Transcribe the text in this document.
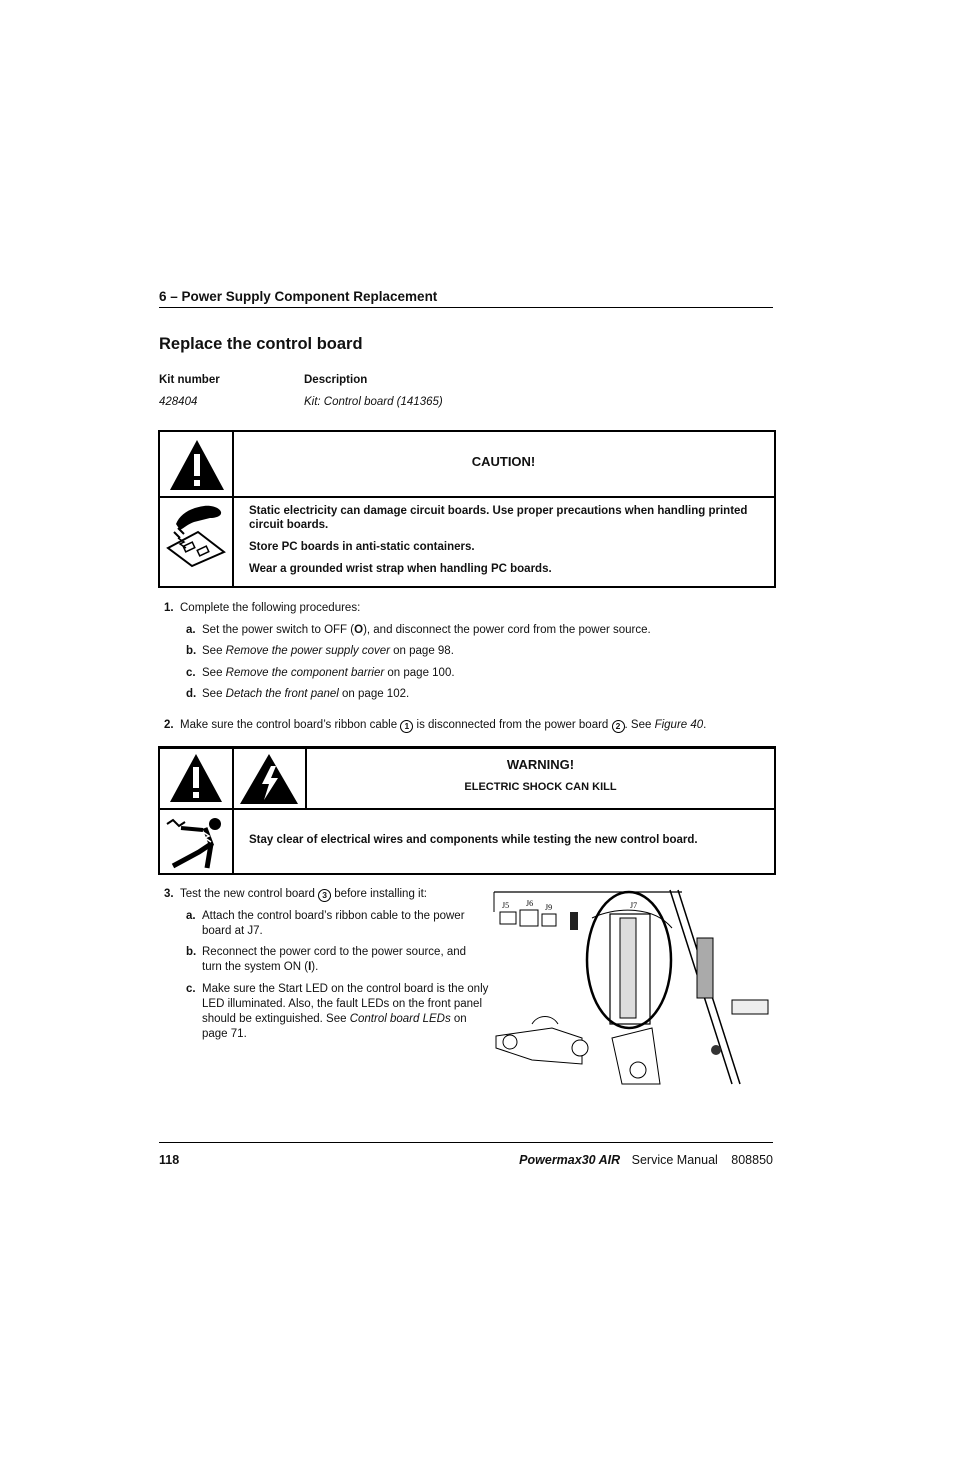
6 – Power Supply Component Replacement
Replace the control board
Kit number	Description
428404	Kit: Control board (141365)
CAUTION!
Static electricity can damage circuit boards. Use proper precautions when handling printed circuit boards.
Store PC boards in anti-static containers.
Wear a grounded wrist strap when handling PC boards.
1. Complete the following procedures:
a. Set the power switch to OFF (O), and disconnect the power cord from the power source.
b. See Remove the power supply cover on page 98.
c. See Remove the component barrier on page 100.
d. See Detach the front panel on page 102.
2. Make sure the control board’s ribbon cable 1 is disconnected from the power board 2 . See Figure 40.
WARNING!
ELECTRIC SHOCK CAN KILL
Stay clear of electrical wires and components while testing the new control board.
3. Test the new control board 3 before installing it:
a. Attach the control board’s ribbon cable to the power board at J7.
b. Reconnect the power cord to the power source, and turn the system ON (I).
c. Make sure the Start LED on the control board is the only LED illuminated. Also, the fault LEDs on the front panel should be extinguished. See Control board LEDs on page 71.
J5 J6 J9	J7
118	Powermax30 AIR Service Manual 808850
